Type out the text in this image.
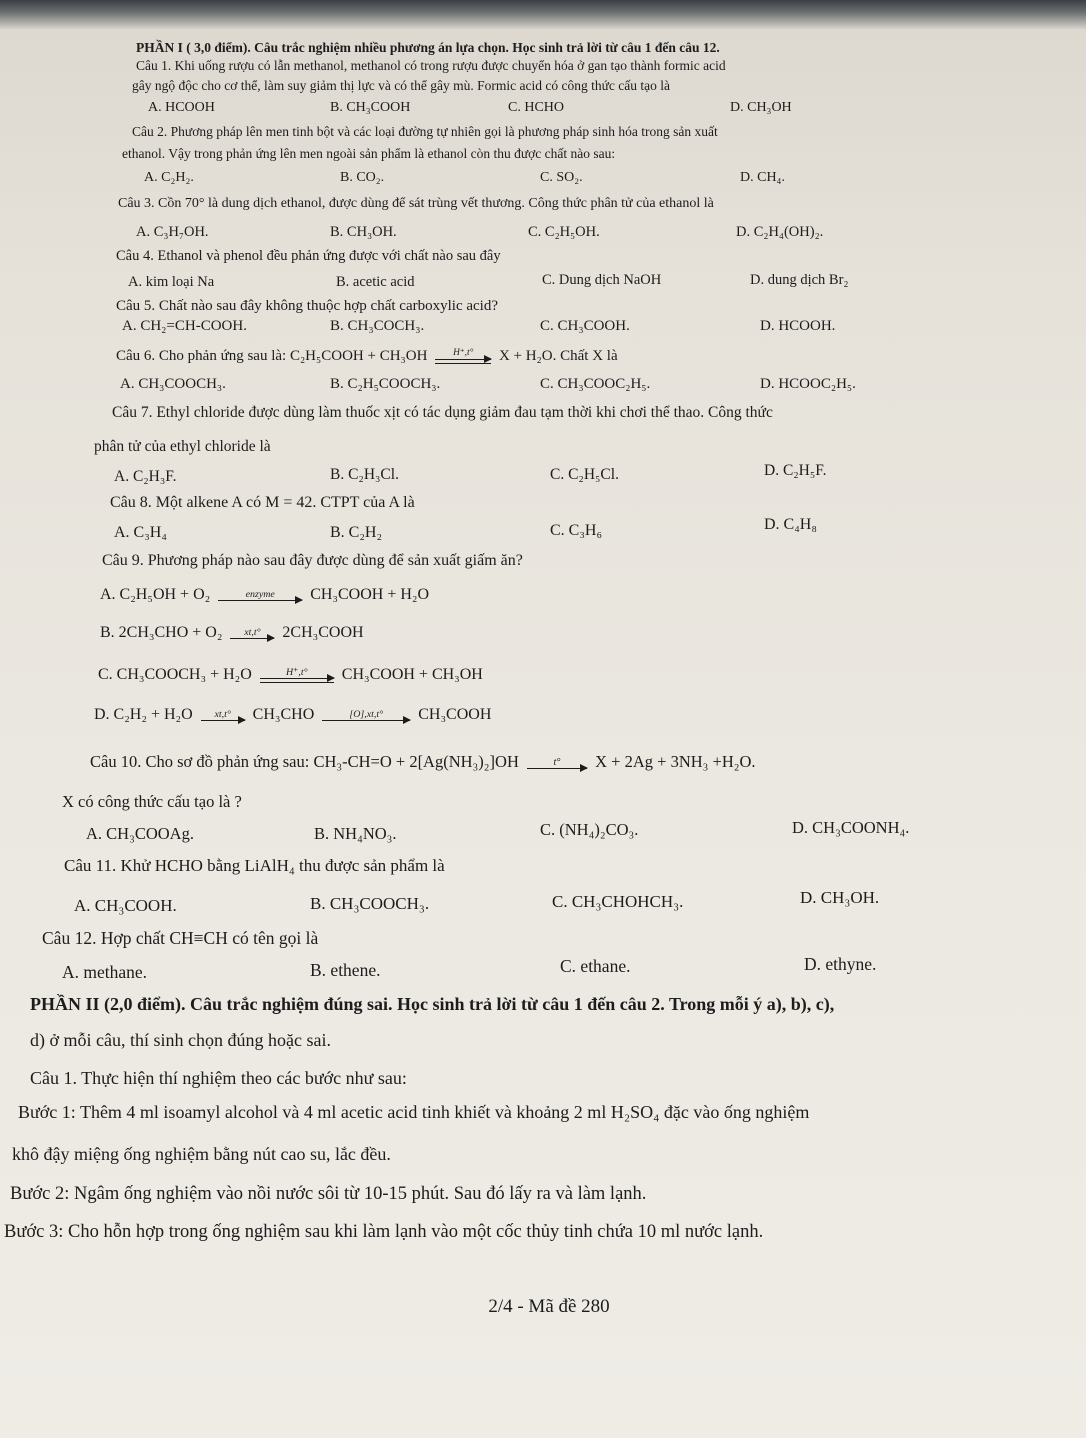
PHẦN I ( 3,0 điểm). Câu trắc nghiệm nhiều phương án lựa chọn. Học sinh trả lời từ câu 1 đến câu 12.
Câu 1. Khi uống rượu có lẫn methanol, methanol có trong rượu được chuyển hóa ở gan tạo thành formic acid
gây ngộ độc cho cơ thể, làm suy giảm thị lực và có thể gây mù. Formic acid có công thức cấu tạo là
A. HCOOH	B. CH₃COOH	C. HCHO	D. CH₃OH
Câu 2. Phương pháp lên men tinh bột và các loại đường tự nhiên gọi là phương pháp sinh hóa trong sản xuất
ethanol. Vậy trong phản ứng lên men ngoài sản phẩm là ethanol còn thu được chất nào sau:
A. C₂H₂.	B. CO₂.	C. SO₂.	D. CH₄.
Câu 3. Cồn 70° là dung dịch ethanol, được dùng để sát trùng vết thương. Công thức phân tử của ethanol là
A. C₃H₇OH.	B. CH₃OH.	C. C₂H₅OH.	D. C₂H₄(OH)₂.
Câu 4. Ethanol và phenol đều phản ứng được với chất nào sau đây
A. kim loại Na	B. acetic acid	C. Dung dịch NaOH	D. dung dịch Br₂
Câu 5. Chất nào sau đây không thuộc hợp chất carboxylic acid?
A. CH₂=CH-COOH.	B. CH₃COCH₃.	C. CH₃COOH.	D. HCOOH.
Câu 6. Cho phản ứng sau là: C₂H₅COOH + CH₃OH	H⁺,t°	X + H₂O. Chất X là
A. CH₃COOCH₃.	B. C₂H₅COOCH₃.	C. CH₃COOC₂H₅.	D. HCOOC₂H₅.
Câu 7. Ethyl chloride được dùng làm thuốc xịt có tác dụng giảm đau tạm thời khi chơi thể thao. Công thức
phân tử của ethyl chloride là
A. C₂H₃F.	B. C₂H₃Cl.	C. C₂H₅Cl.	D. C₂H₅F.
Câu 8. Một alkene A có M = 42. CTPT của A là
A. C₃H₄	B. C₂H₂	C. C₃H₆	D. C₄H₈
Câu 9. Phương pháp nào sau đây được dùng để sản xuất giấm ăn?
A. C₂H₅OH + O₂	enzyme	CH₃COOH + H₂O
B. 2CH₃CHO + O₂	xt,t°	2CH₃COOH
C. CH₃COOCH₃ + H₂O	H⁺,t°	CH₃COOH + CH₃OH
D. C₂H₂ + H₂O	xt,t°	CH₃CHO	[O],xt,t°	CH₃COOH
Câu 10. Cho sơ đồ phản ứng sau: CH₃-CH=O + 2[Ag(NH₃)₂]OH	t°	X + 2Ag + 3NH₃ +H₂O.
X có công thức cấu tạo là ?
A. CH₃COOAg.	B. NH₄NO₃.	C. (NH₄)₂CO₃.	D. CH₃COONH₄.
Câu 11. Khử HCHO bằng LiAlH₄ thu được sản phẩm là
A. CH₃COOH.	B. CH₃COOCH₃.	C. CH₃CHOHCH₃.	D. CH₃OH.
Câu 12. Hợp chất CH≡CH có tên gọi là
A. methane.	B. ethene.	C. ethane.	D. ethyne.
PHẦN II (2,0 điểm). Câu trắc nghiệm đúng sai. Học sinh trả lời từ câu 1 đến câu 2. Trong mỗi ý a), b), c),
d) ở mỗi câu, thí sinh chọn đúng hoặc sai.
Câu 1. Thực hiện thí nghiệm theo các bước như sau:
Bước 1: Thêm 4 ml isoamyl alcohol và 4 ml acetic acid tinh khiết và khoảng 2 ml H₂SO₄ đặc vào ống nghiệm
khô đậy miệng ống nghiệm bằng nút cao su, lắc đều.
Bước 2: Ngâm ống nghiệm vào nồi nước sôi từ 10-15 phút. Sau đó lấy ra và làm lạnh.
Bước 3: Cho hỗn hợp trong ống nghiệm sau khi làm lạnh vào một cốc thủy tinh chứa 10 ml nước lạnh.
2/4 - Mã đề 280
